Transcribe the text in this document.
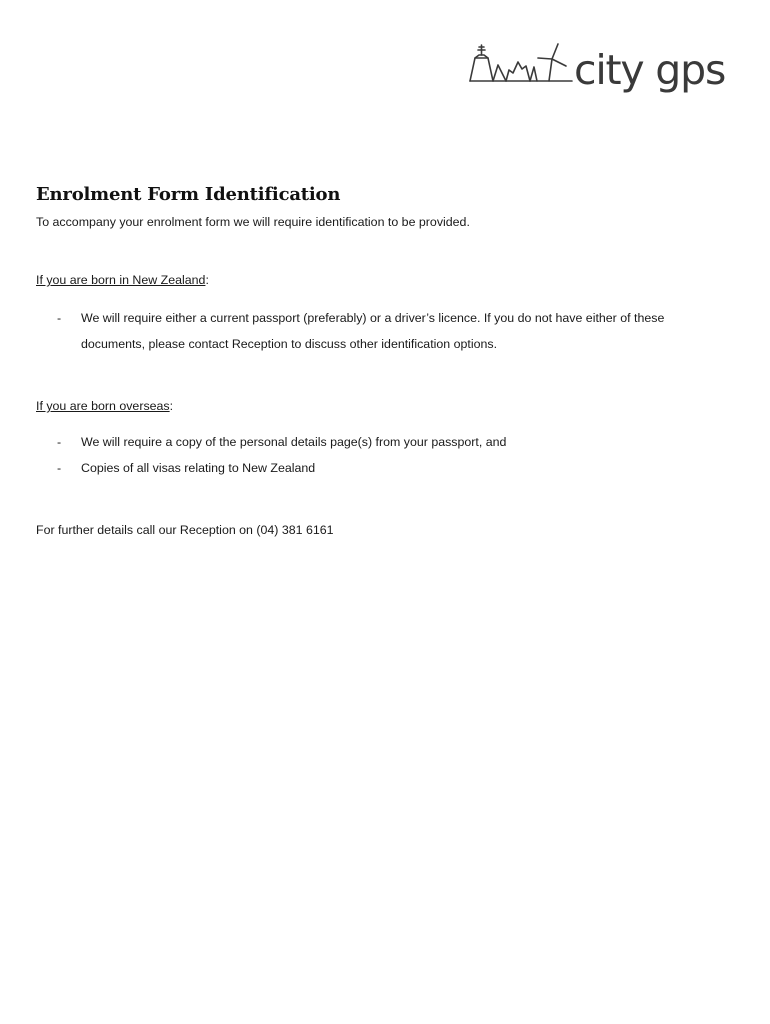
city gps
Enrolment Form Identification
To accompany your enrolment form we will require identification to be provided.
If you are born in New Zealand:
- We will require either a current passport (preferably) or a driver’s licence. If you do not have either of these
documents, please contact Reception to discuss other identification options.
If you are born overseas:
- We will require a copy of the personal details page(s) from your passport, and
- Copies of all visas relating to New Zealand
For further details call our Reception on (04) 381 6161
